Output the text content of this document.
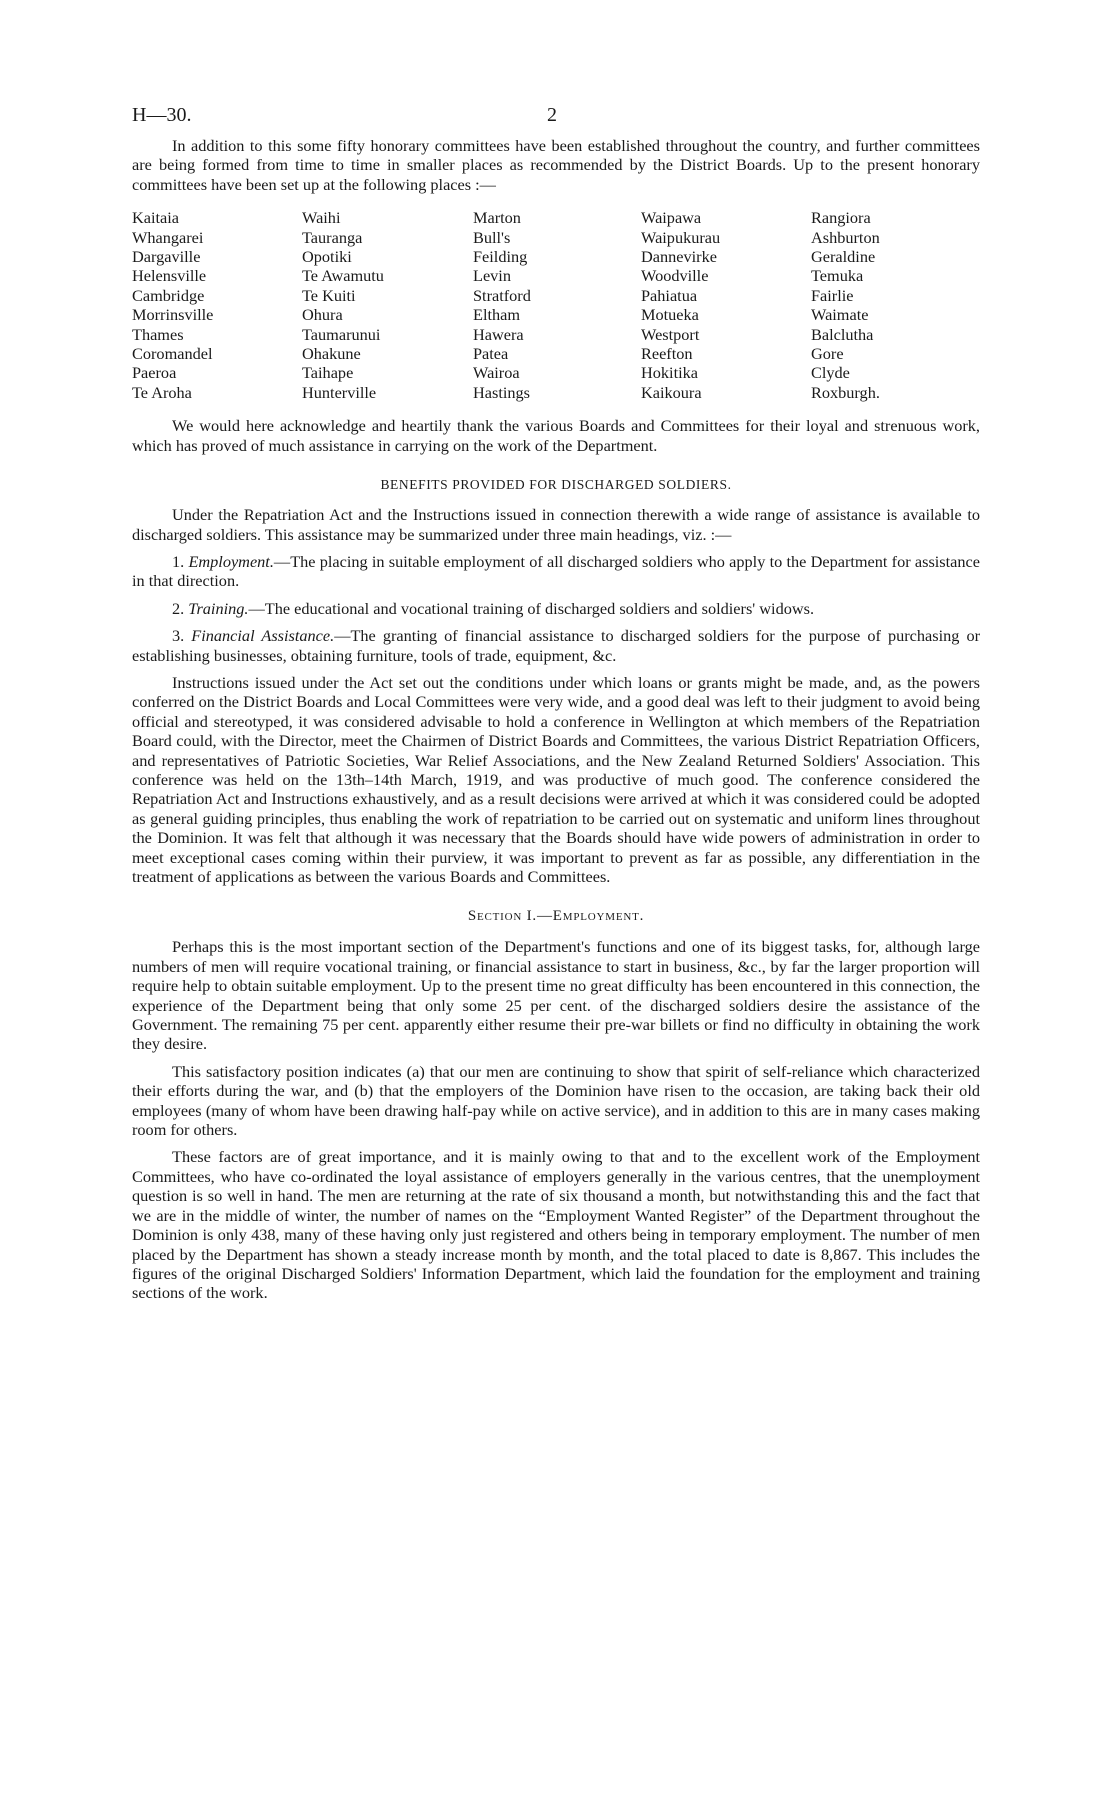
H—30.	2

In addition to this some fifty honorary committees have been established throughout the country, and further committees are being formed from time to time in smaller places as recommended by the District Boards. Up to the present honorary committees have been set up at the following places :—

Kaitaia
Whangarei
Dargaville
Helensville
Cambridge
Morrinsville
Thames
Coromandel
Paeroa
Te Aroha
Waihi
Tauranga
Opotiki
Te Awamutu
Te Kuiti
Ohura
Taumarunui
Ohakune
Taihape
Hunterville
Marton
Bull's
Feilding
Levin
Stratford
Eltham
Hawera
Patea
Wairoa
Hastings
Waipawa
Waipukurau
Dannevirke
Woodville
Pahiatua
Motueka
Westport
Reefton
Hokitika
Kaikoura
Rangiora
Ashburton
Geraldine
Temuka
Fairlie
Waimate
Balclutha
Gore
Clyde
Roxburgh.

We would here acknowledge and heartily thank the various Boards and Committees for their loyal and strenuous work, which has proved of much assistance in carrying on the work of the Department.

BENEFITS PROVIDED FOR DISCHARGED SOLDIERS.

Under the Repatriation Act and the Instructions issued in connection therewith a wide range of assistance is available to discharged soldiers. This assistance may be summarized under three main headings, viz. :—

1. Employment.—The placing in suitable employment of all discharged soldiers who apply to the Department for assistance in that direction.

2. Training.—The educational and vocational training of discharged soldiers and soldiers' widows.

3. Financial Assistance.—The granting of financial assistance to discharged soldiers for the purpose of purchasing or establishing businesses, obtaining furniture, tools of trade, equipment, &c.

Instructions issued under the Act set out the conditions under which loans or grants might be made, and, as the powers conferred on the District Boards and Local Committees were very wide, and a good deal was left to their judgment to avoid being official and stereotyped, it was considered advisable to hold a conference in Wellington at which members of the Repatriation Board could, with the Director, meet the Chairmen of District Boards and Committees, the various District Repatriation Officers, and representatives of Patriotic Societies, War Relief Associations, and the New Zealand Returned Soldiers' Association. This conference was held on the 13th–14th March, 1919, and was productive of much good. The conference considered the Repatriation Act and Instructions exhaustively, and as a result decisions were arrived at which it was considered could be adopted as general guiding principles, thus enabling the work of repatriation to be carried out on systematic and uniform lines throughout the Dominion. It was felt that although it was necessary that the Boards should have wide powers of administration in order to meet exceptional cases coming within their purview, it was important to prevent as far as possible, any differentiation in the treatment of applications as between the various Boards and Committees.

Section I.—Employment.

Perhaps this is the most important section of the Department's functions and one of its biggest tasks, for, although large numbers of men will require vocational training, or financial assistance to start in business, &c., by far the larger proportion will require help to obtain suitable employment. Up to the present time no great difficulty has been encountered in this connection, the experience of the Department being that only some 25 per cent. of the discharged soldiers desire the assistance of the Government. The remaining 75 per cent. apparently either resume their pre-war billets or find no difficulty in obtaining the work they desire.

This satisfactory position indicates (a) that our men are continuing to show that spirit of self-reliance which characterized their efforts during the war, and (b) that the employers of the Dominion have risen to the occasion, are taking back their old employees (many of whom have been drawing half-pay while on active service), and in addition to this are in many cases making room for others.

These factors are of great importance, and it is mainly owing to that and to the excellent work of the Employment Committees, who have co-ordinated the loyal assistance of employers generally in the various centres, that the unemployment question is so well in hand. The men are returning at the rate of six thousand a month, but notwithstanding this and the fact that we are in the middle of winter, the number of names on the “Employment Wanted Register” of the Department throughout the Dominion is only 438, many of these having only just registered and others being in temporary employment. The number of men placed by the Department has shown a steady increase month by month, and the total placed to date is 8,867. This includes the figures of the original Discharged Soldiers' Information Department, which laid the foundation for the employment and training sections of the work.
